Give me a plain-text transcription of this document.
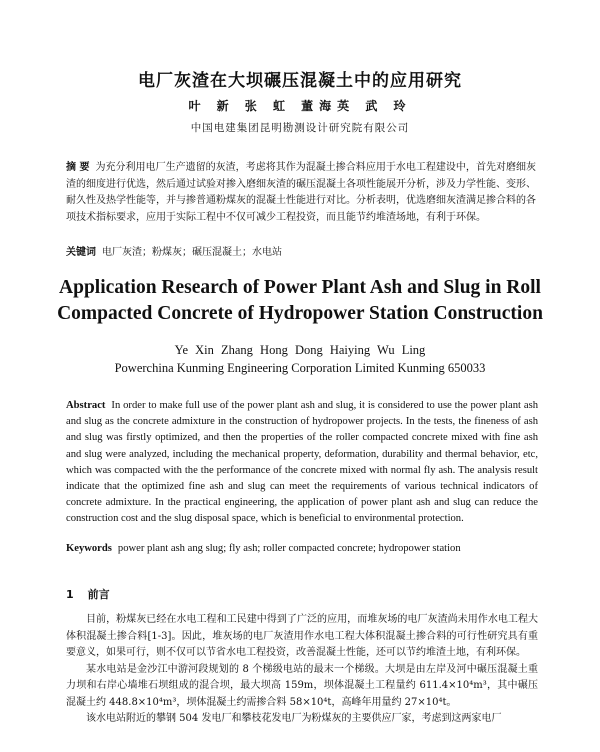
电厂灰渣在大坝碾压混凝土中的应用研究
叶 新 张 虹 董海英 武 玲
中国电建集团昆明勘测设计研究院有限公司
摘 要 为充分利用电厂生产遗留的灰渣，考虑将其作为混凝土掺合料应用于水电工程建设中，首先对磨细灰渣的细度进行优选，然后通过试验对掺入磨细灰渣的碾压混凝土各项性能展开分析，涉及力学性能、变形、耐久性及热学性能等，并与掺普通粉煤灰的混凝土性能进行对比。分析表明，优选磨细灰渣满足掺合料的各项技术指标要求，应用于实际工程中不仅可减少工程投资，而且能节约堆渣场地，有利于环保。
关键词 电厂灰渣；粉煤灰；碾压混凝土；水电站
Application Research of Power Plant Ash and Slug in Roll Compacted Concrete of Hydropower Station Construction
Ye Xin Zhang Hong Dong Haiying Wu Ling
Powerchina Kunming Engineering Corporation Limited Kunming 650033
Abstract In order to make full use of the power plant ash and slug, it is considered to use the power plant ash and slug as the concrete admixture in the construction of hydropower projects. In the tests, the fineness of ash and slug was firstly optimized, and then the properties of the roller compacted concrete mixed with fine ash and slug were analyzed, including the mechanical property, deformation, durability and thermal behavior, etc, which was compacted with the the performance of the concrete mixed with normal fly ash. The analysis result indicate that the optimized fine ash and slug can meet the requirements of various technical indicators of concrete admixture. In the practical engineering, the application of power plant ash and slug can reduce the construction cost and the slug disposal space, which is beneficial to environmental protection.
Keywords power plant ash ang slug; fly ash; roller compacted concrete; hydropower station
1 前言

目前，粉煤灰已经在水电工程和工民建中得到了广泛的应用，而堆灰场的电厂灰渣尚未用作水电工程大体积混凝土掺合料[1-3]。因此，堆灰场的电厂灰渣用作水电工程大体积混凝土掺合料的可行性研究具有重要意义，如果可行，则不仅可以节省水电工程投资，改善混凝土性能，还可以节约堆渣土地，有利环保。

某水电站是金沙江中游河段规划的 8 个梯级电站的最末一个梯级。大坝是由左岸及河中碾压混凝土重力坝和右岸心墙堆石坝组成的混合坝，最大坝高 159m，坝体混凝土工程量约 611.4×10⁴m³，其中碾压混凝土约 448.8×10⁴m³，坝体混凝土约需掺合料 58×10⁴t，高峰年用量约 27×10⁴t。

该水电站附近的攀钢 504 发电厂和攀枝花发电厂为粉煤灰的主要供应厂家，考虑到这两家电厂
